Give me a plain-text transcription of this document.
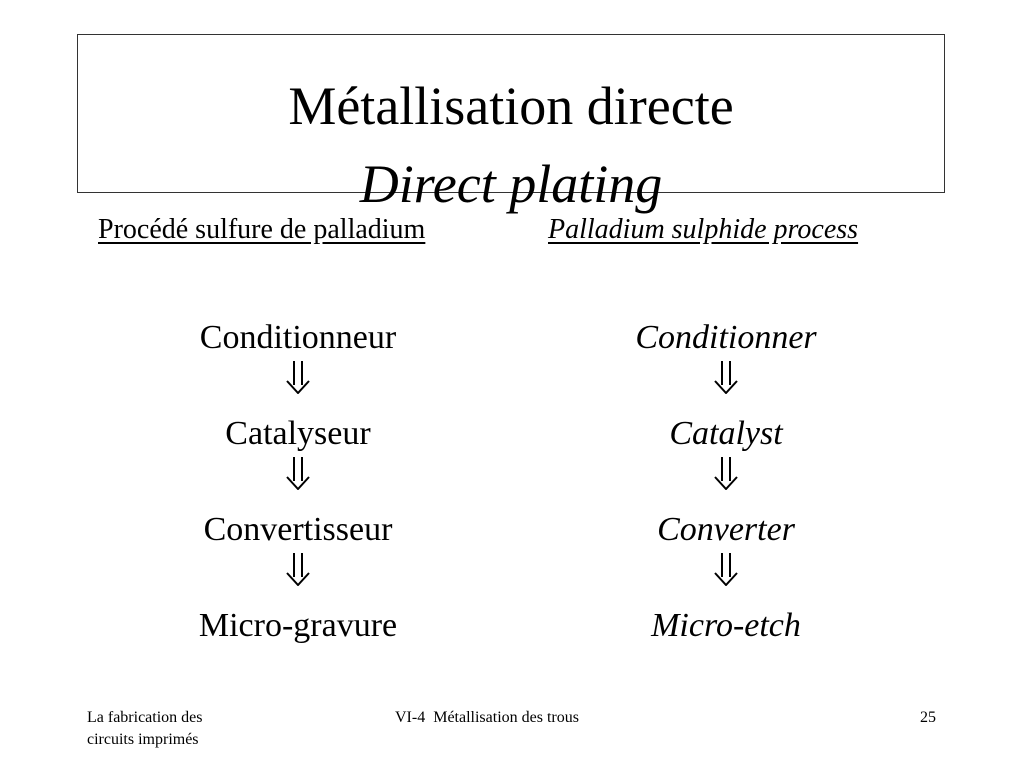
Métallisation directe
Direct plating
Procédé sulfure de palladium	Palladium sulphide process
Conditionneur
Catalyseur
Convertisseur
Micro-gravure
Conditionner
Catalyst
Converter
Micro-etch
La fabrication des
circuits imprimés
VI-4  Métallisation des trous	25
